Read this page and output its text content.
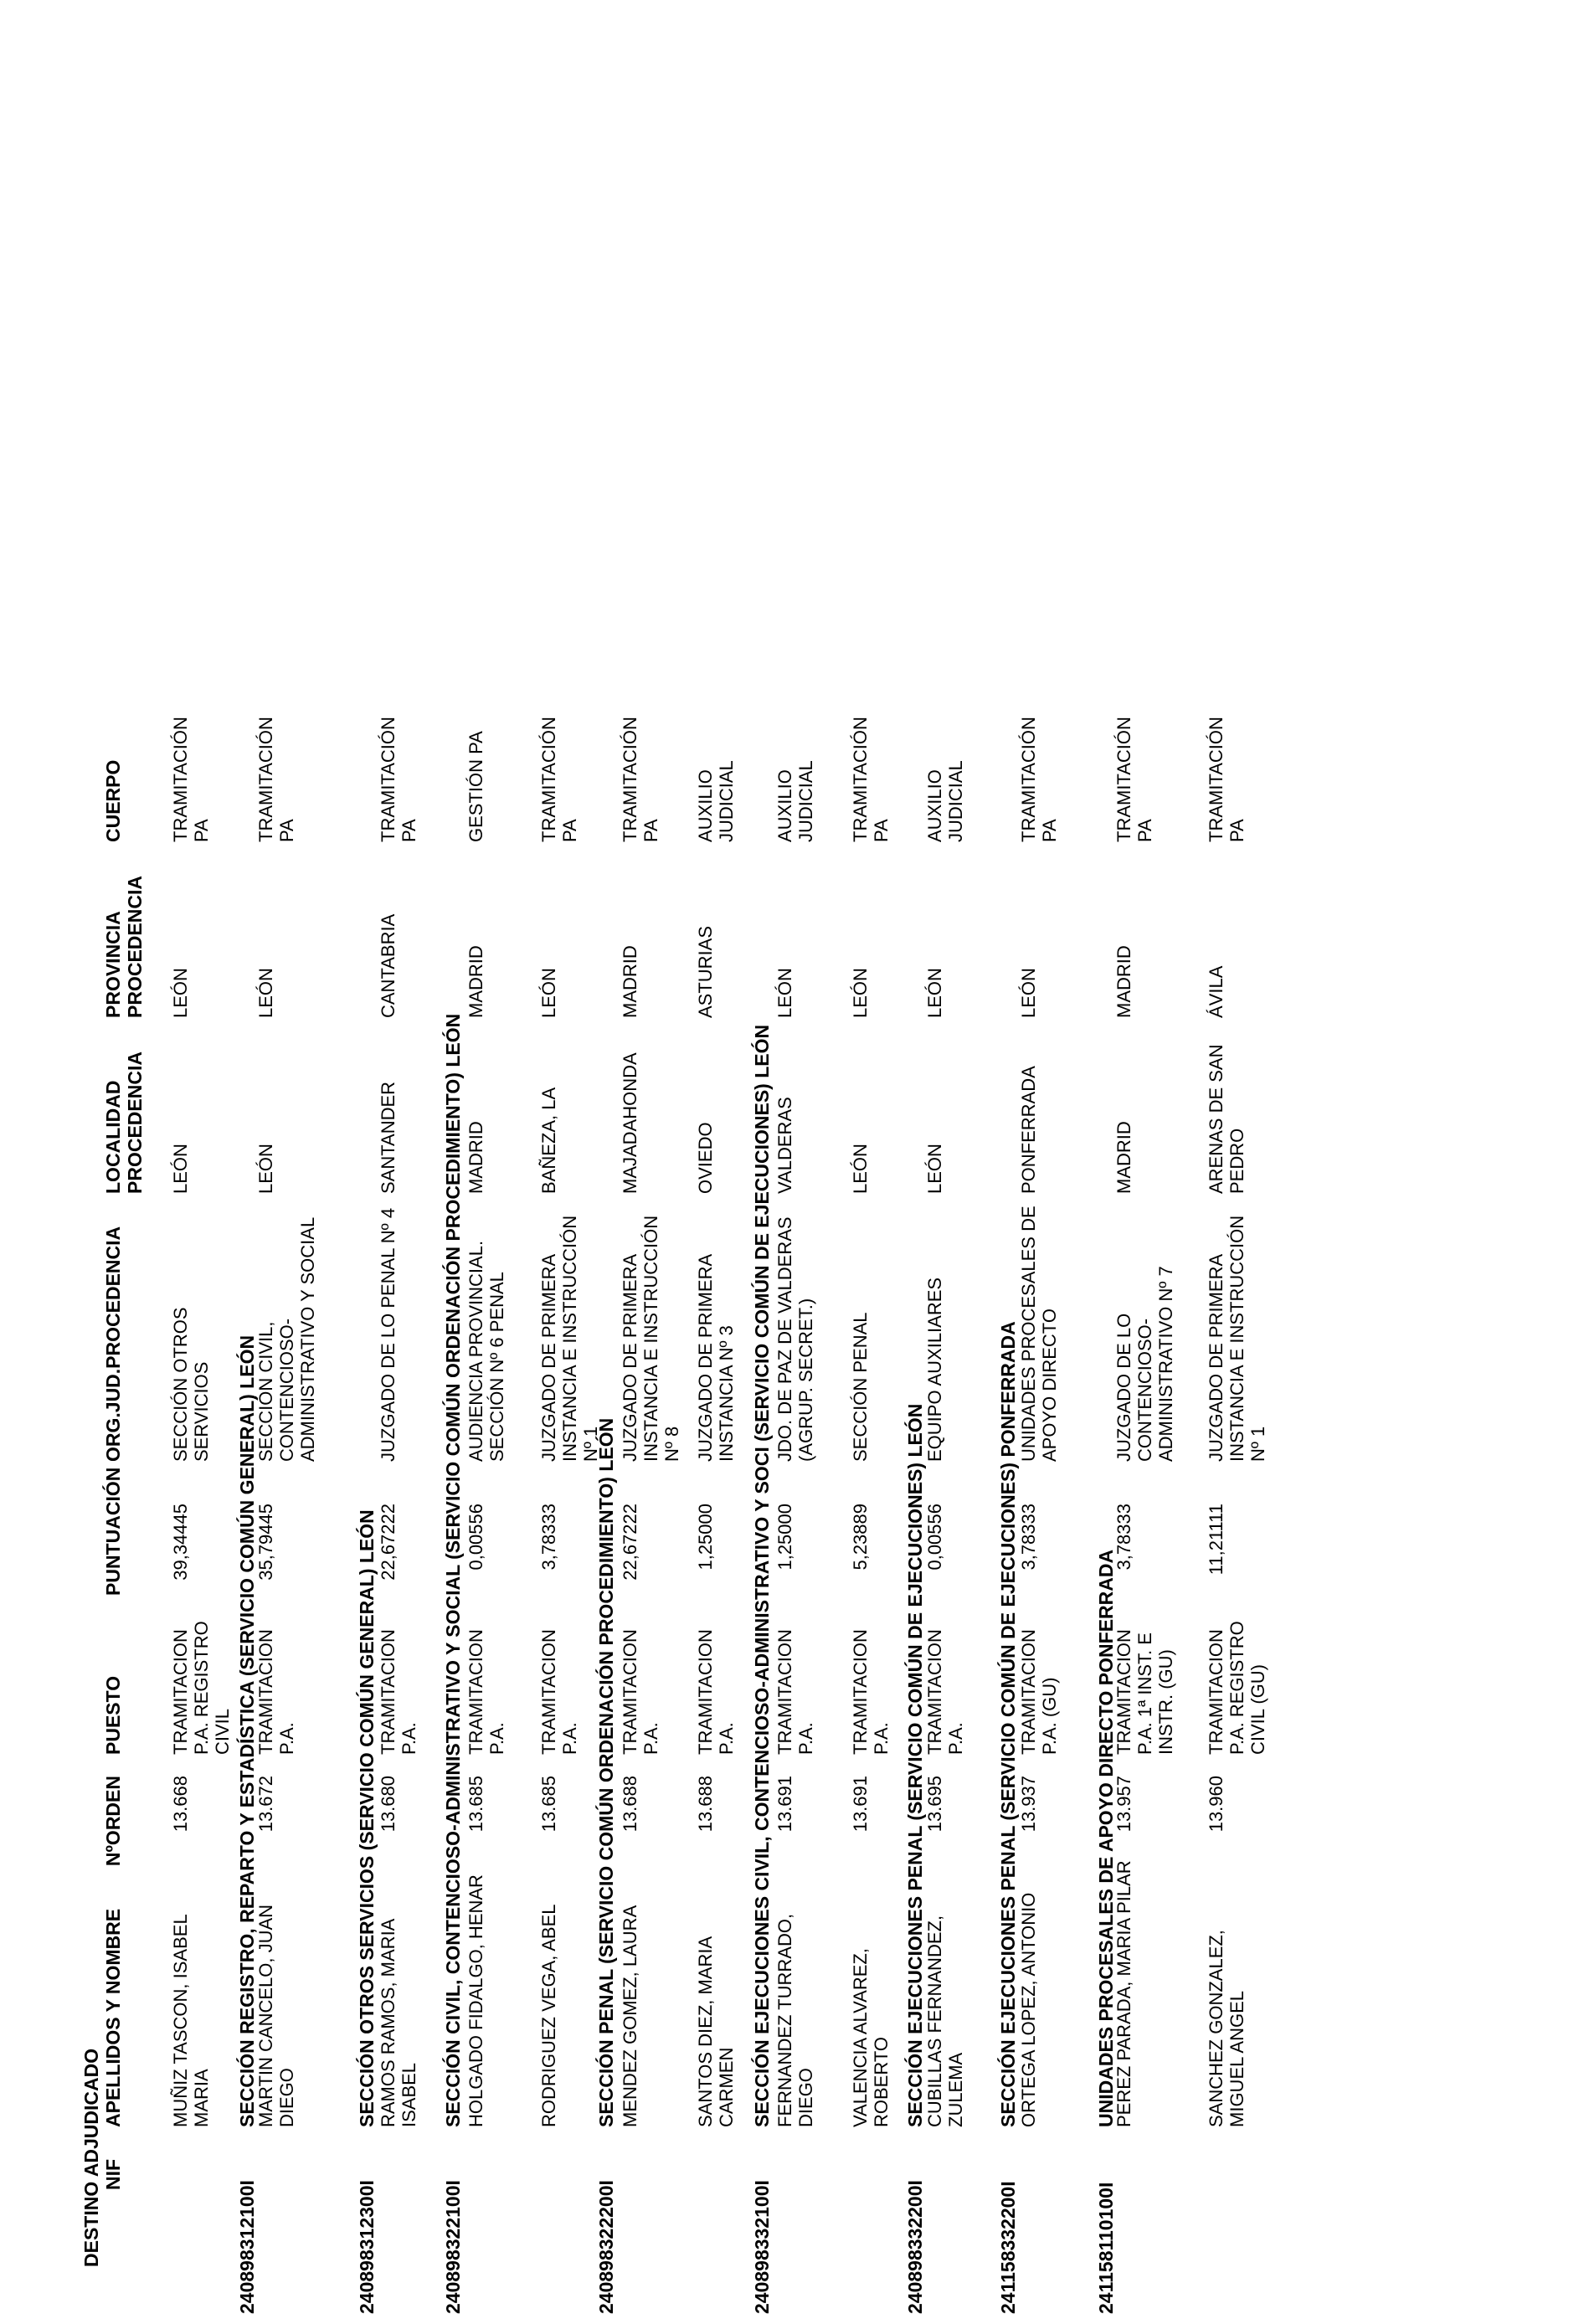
DESTINO ADJUDICADO NIF
APELLIDOS Y NOMBRE
NºORDEN
PUESTO
PUNTUACIÓN
ORG.JUD.PROCEDENCIA
LOCALIDAD PROCEDENCIA
PROVINCIA PROCEDENCIA
CUERPO
MUÑIZ TASCON, ISABEL MARIA
13.668
TRAMITACION P.A. REGISTRO CIVIL
39,34445
SECCIÓN OTROS SERVICIOS
LEÓN
LEÓN
TRAMITACIÓN PA
240898312100I
SECCIÓN REGISTRO, REPARTO Y ESTADÍSTICA (SERVICIO COMÚN GENERAL) LEÓN
MARTIN CANCELO, JUAN DIEGO
13.672
TRAMITACION P.A.
35,79445
SECCIÓN CIVIL, CONTENCIOSO-ADMINISTRATIVO Y SOCIAL
LEÓN
LEÓN
TRAMITACIÓN PA
240898312300I
SECCIÓN OTROS SERVICIOS (SERVICIO COMÚN GENERAL) LEÓN RAMOS RAMOS, MARIA ISABEL
13.680
TRAMITACION P.A.
22,67222
JUZGADO DE LO PENAL Nº 4
SANTANDER
CANTABRIA
TRAMITACIÓN PA
240898322100I
SECCIÓN CIVIL, CONTENCIOSO-ADMINISTRATIVO Y SOCIAL (SERVICIO COMÚN ORDENACIÓN PROCEDIMIENTO) LEÓN HOLGADO FIDALGO, HENAR
13.685
TRAMITACION P.A.
0,00556
AUDIENCIA PROVINCIAL. SECCIÓN Nº 6 PENAL
MADRID
MADRID
GESTIÓN PA
RODRIGUEZ VEGA, ABEL
13.685
TRAMITACION P.A.
3,78333
JUZGADO DE PRIMERA INSTANCIA E INSTRUCCIÓN Nº 1
BAÑEZA, LA
LEÓN
TRAMITACIÓN PA
240898322200I
SECCIÓN PENAL (SERVICIO COMÚN ORDENACIÓN PROCEDIMIENTO) LEÓN MENDEZ GOMEZ, LAURA
13.688
TRAMITACION P.A.
22,67222
JUZGADO DE PRIMERA INSTANCIA E INSTRUCCIÓN Nº 8
MAJADAHONDA
MADRID
TRAMITACIÓN PA
SANTOS DIEZ, MARIA CARMEN
13.688
TRAMITACION P.A.
1,25000
JUZGADO DE PRIMERA INSTANCIA Nº 3
OVIEDO
ASTURIAS
AUXILIO JUDICIAL
240898332100I
SECCIÓN EJECUCIONES CIVIL, CONTENCIOSO-ADMINISTRATIVO Y SOCI (SERVICIO COMÚN DE EJECUCIONES) LEÓN FERNANDEZ TURRADO, DIEGO
13.691
TRAMITACION P.A.
1,25000
JDO. DE PAZ DE VALDERAS (AGRUP. SECRET.)
VALDERAS
LEÓN
AUXILIO JUDICIAL
VALENCIA ALVAREZ, ROBERTO
13.691
TRAMITACION P.A.
5,23889
SECCIÓN PENAL
LEÓN
LEÓN
TRAMITACIÓN PA
240898332200I
SECCIÓN EJECUCIONES PENAL (SERVICIO COMÚN DE EJECUCIONES) LEÓN
CUBILLAS FERNANDEZ, ZULEMA
13.695
TRAMITACION P.A.
0,00556
EQUIPO AUXILIARES
LEÓN
LEÓN
AUXILIO JUDICIAL
241158332200I
SECCIÓN EJECUCIONES PENAL (SERVICIO COMÚN DE EJECUCIONES) PONFERRADA ORTEGA LOPEZ, ANTONIO
13.937
TRAMITACION P.A. (GU)
3,78333
UNIDADES PROCESALES DE APOYO DIRECTO
PONFERRADA
LEÓN
TRAMITACIÓN PA
241158110100I
UNIDADES PROCESALES DE APOYO DIRECTO PONFERRADA
PEREZ PARADA, MARIA PILAR
13.957
TRAMITACION P.A. 1ª INST. E INSTR. (GU)
3,78333
JUZGADO DE LO CONTENCIOSO-ADMINISTRATIVO Nº 7
MADRID
MADRID
TRAMITACIÓN PA
SANCHEZ GONZALEZ, MIGUEL ANGEL
13.960
TRAMITACION P.A. REGISTRO CIVIL (GU)
11,21111
JUZGADO DE PRIMERA INSTANCIA E INSTRUCCIÓN Nº 1
ARENAS DE SAN PEDRO
ÁVILA
TRAMITACIÓN PA
